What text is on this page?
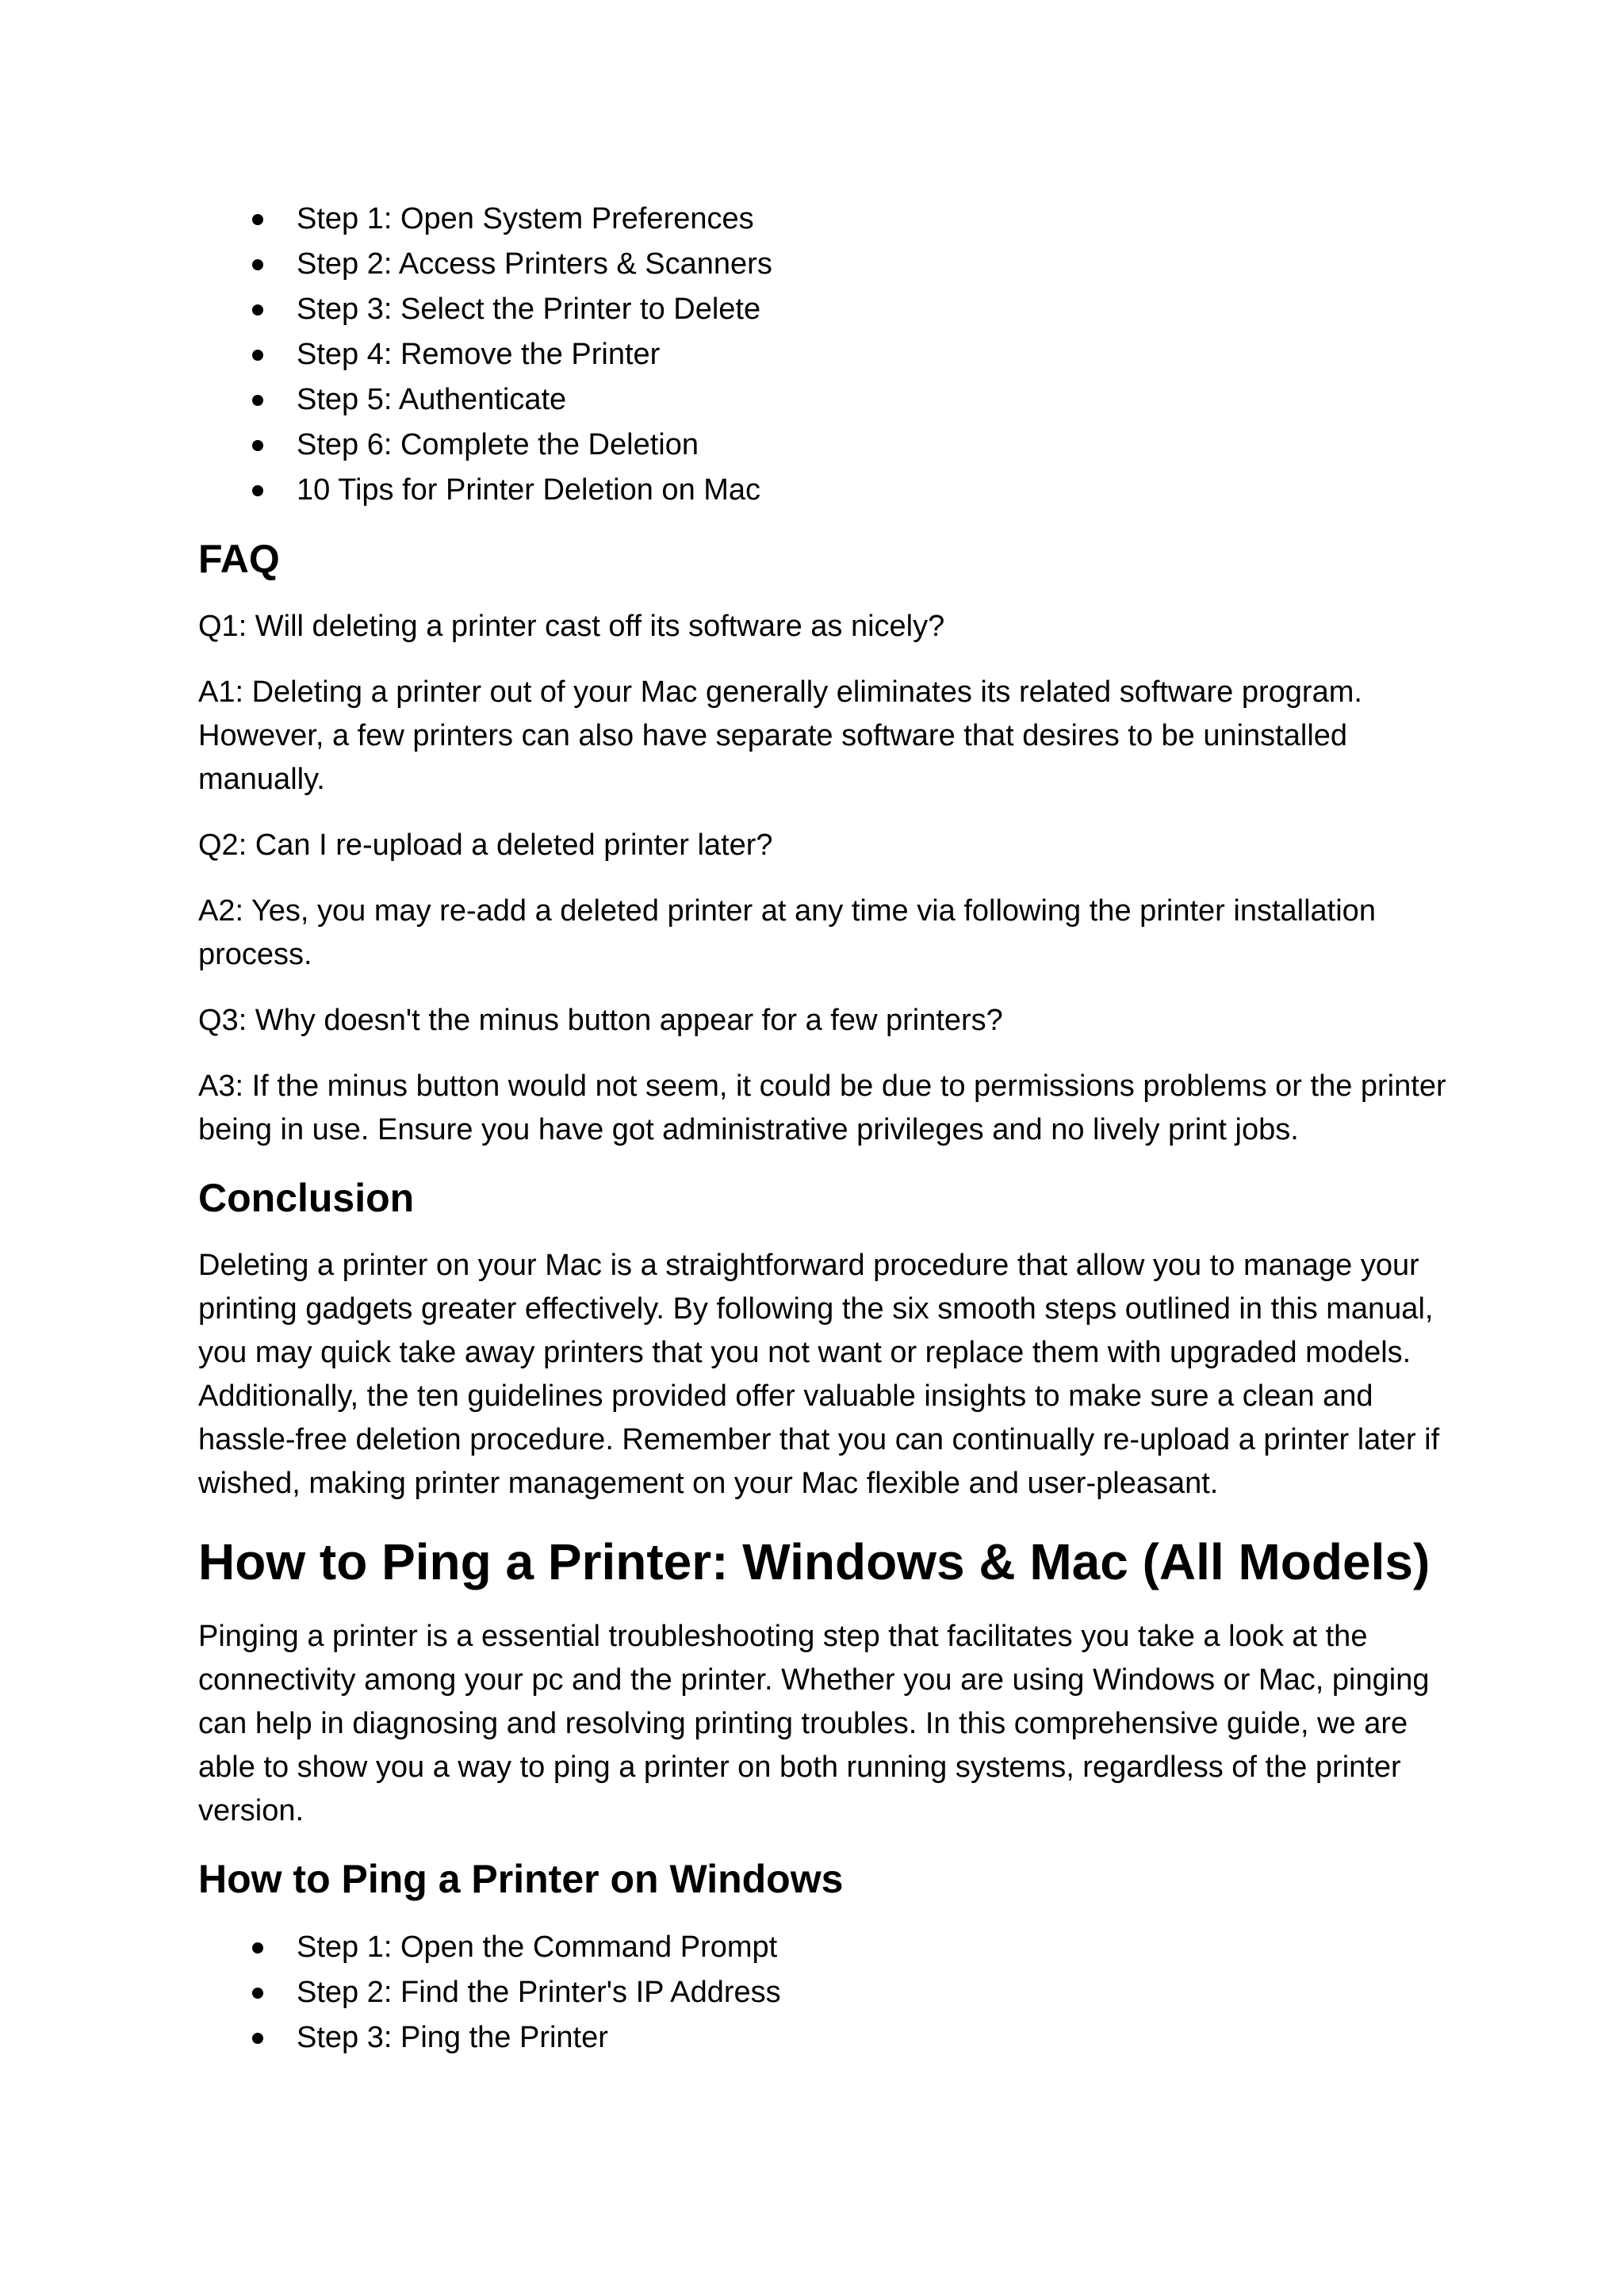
Step 1: Open System Preferences
Step 2: Access Printers & Scanners
Step 3: Select the Printer to Delete
Step 4: Remove the Printer
Step 5: Authenticate
Step 6: Complete the Deletion
10 Tips for Printer Deletion on Mac
FAQ

Q1: Will deleting a printer cast off its software as nicely?

A1: Deleting a printer out of your Mac generally eliminates its related software program. However, a few printers can also have separate software that desires to be uninstalled manually.

Q2: Can I re-upload a deleted printer later?

A2: Yes, you may re-add a deleted printer at any time via following the printer installation process.

Q3: Why doesn't the minus button appear for a few printers?

A3: If the minus button would not seem, it could be due to permissions problems or the printer being in use. Ensure you have got administrative privileges and no lively print jobs.

Conclusion

Deleting a printer on your Mac is a straightforward procedure that allow you to manage your printing gadgets greater effectively. By following the six smooth steps outlined in this manual, you may quick take away printers that you not want or replace them with upgraded models. Additionally, the ten guidelines provided offer valuable insights to make sure a clean and hassle-free deletion procedure. Remember that you can continually re-upload a printer later if wished, making printer management on your Mac flexible and user-pleasant.

How to Ping a Printer: Windows & Mac (All Models)

Pinging a printer is a essential troubleshooting step that facilitates you take a look at the connectivity among your pc and the printer. Whether you are using Windows or Mac, pinging can help in diagnosing and resolving printing troubles. In this comprehensive guide, we are able to show you a way to ping a printer on both running systems, regardless of the printer version.

How to Ping a Printer on Windows
Step 1: Open the Command Prompt
Step 2: Find the Printer's IP Address
Step 3: Ping the Printer
